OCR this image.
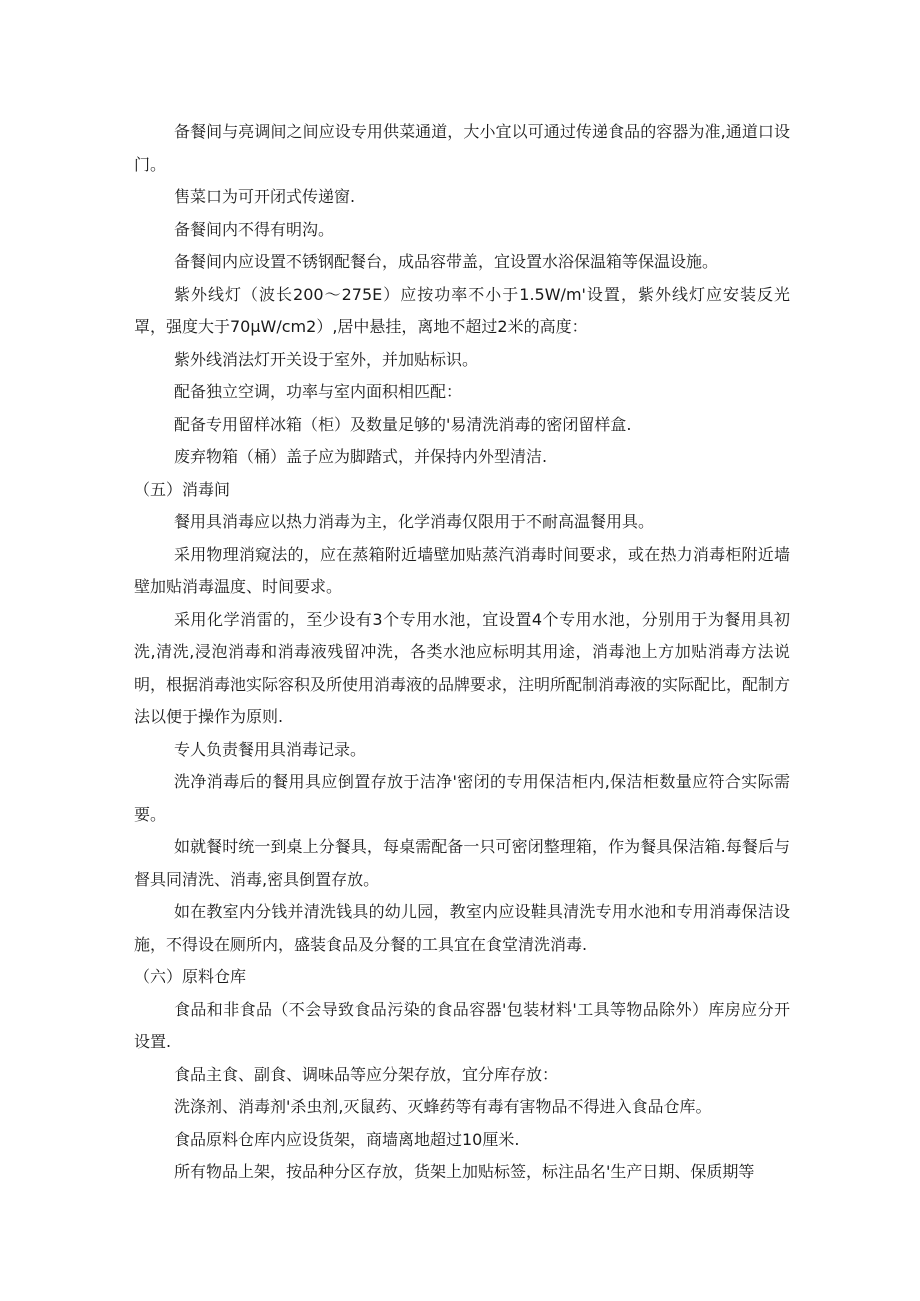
备餐间与亮调间之间应设专用供菜通道，大小宜以可通过传递食品的容器为准,通道口设门。

售菜口为可开闭式传递窗.

备餐间内不得有明沟。

备餐间内应设置不锈钢配餐台，成品容带盖，宜设置水浴保温箱等保温设施。

紫外线灯（波长200〜275E）应按功率不小于1.5W∕m'设置，紫外线灯应安装反光罩，强度大于70μW∕cm2）,居中悬挂，离地不超过2米的高度：

紫外线消法灯开关设于室外，并加贴标识。

配备独立空调，功率与室内面积相匹配：

配备专用留样冰箱（柜）及数量足够的'易清洗消毒的密闭留样盒.

废弃物箱（桶）盖子应为脚踏式，并保持内外型清洁.

（五）消毒间

餐用具消毒应以热力消毒为主，化学消毒仅限用于不耐高温餐用具。

采用物理消窥法的，应在蒸箱附近墙壁加贴蒸汽消毒时间要求，或在热力消毒柜附近墙壁加贴消毒温度、时间要求。

采用化学消雷的，至少设有3个专用水池，宜设置4个专用水池，分别用于为餐用具初洗,清洗,浸泡消毒和消毒液残留冲洗，各类水池应标明其用途，消毒池上方加贴消毒方法说明，根据消毒池实际容积及所使用消毒液的品牌要求，注明所配制消毒液的实际配比，配制方法以便于操作为原则.

专人负责餐用具消毒记录。

洗净消毒后的餐用具应倒置存放于洁净'密闭的专用保洁柜内,保洁柜数量应符合实际需要。

如就餐时统一到桌上分餐具，每桌需配备一只可密闭整理箱，作为餐具保洁箱.每餐后与督具同清洗、消毒,密具倒置存放。

如在教室内分钱并清洗钱具的幼儿园，教室内应设鞋具清洗专用水池和专用消毒保洁设施，不得设在厕所内，盛装食品及分餐的工具宜在食堂清洗消毒.

（六）原料仓库

食品和非食品（不会导致食品污染的食品容器'包装材料'工具等物品除外）库房应分开设置.

食品主食、副食、调味品等应分架存放，宜分库存放：

洗涤剂、消毒剂'杀虫剂,灭鼠药、灭蜂药等有毒有害物品不得进入食品仓库。

食品原料仓库内应设货架，商墙离地超过10厘米.

所有物品上架，按品种分区存放，货架上加贴标签，标注品名'生产日期、保质期等
